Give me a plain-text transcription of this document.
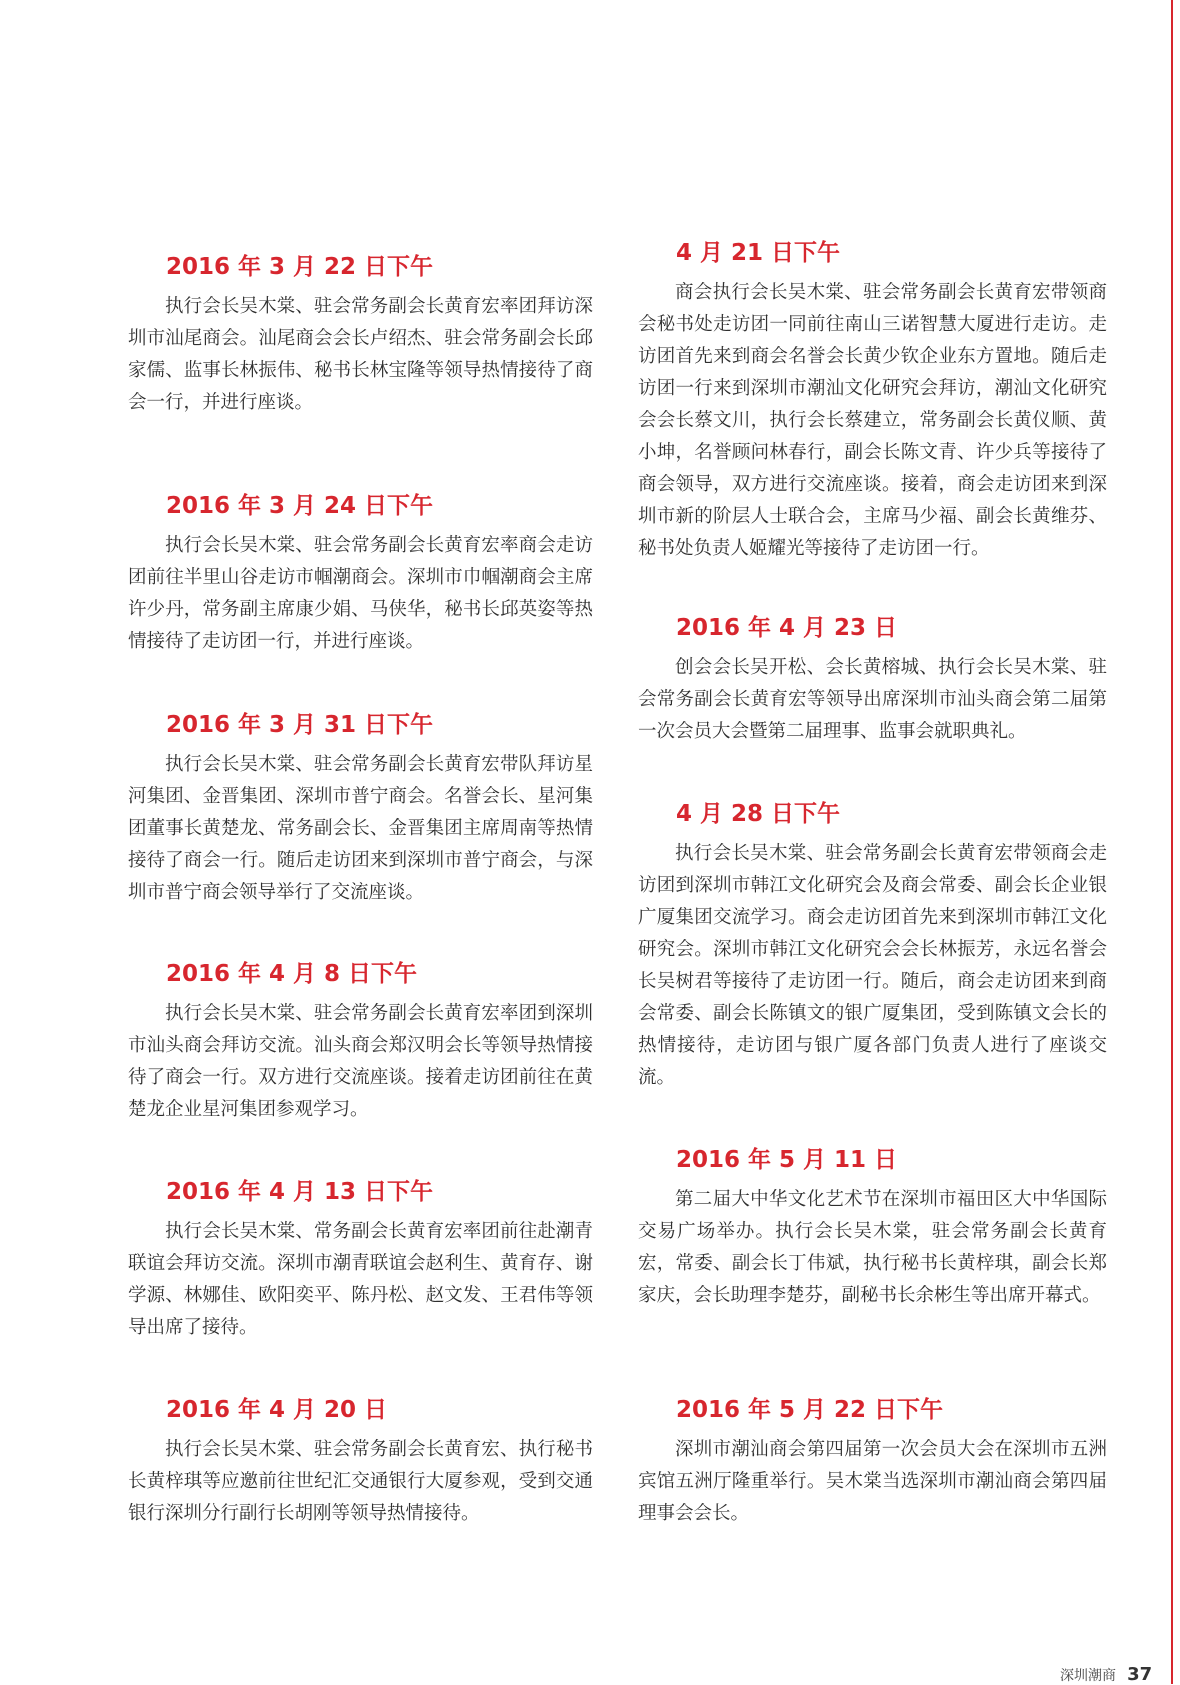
2016 年 3 月 22 日下午

执行会长吴木棠、驻会常务副会长黄育宏率团拜访深圳市汕尾商会。汕尾商会会长卢绍杰、驻会常务副会长邱家儒、监事长林振伟、秘书长林宝隆等领导热情接待了商会一行，并进行座谈。

2016 年 3 月 24 日下午

执行会长吴木棠、驻会常务副会长黄育宏率商会走访团前往半里山谷走访市帼潮商会。深圳市巾帼潮商会主席许少丹，常务副主席康少娟、马侠华，秘书长邱英姿等热情接待了走访团一行，并进行座谈。

2016 年 3 月 31 日下午

执行会长吴木棠、驻会常务副会长黄育宏带队拜访星河集团、金晋集团、深圳市普宁商会。名誉会长、星河集团董事长黄楚龙、常务副会长、金晋集团主席周南等热情接待了商会一行。随后走访团来到深圳市普宁商会，与深圳市普宁商会领导举行了交流座谈。

2016 年 4 月 8 日下午

执行会长吴木棠、驻会常务副会长黄育宏率团到深圳市汕头商会拜访交流。汕头商会郑汉明会长等领导热情接待了商会一行。双方进行交流座谈。接着走访团前往在黄楚龙企业星河集团参观学习。

2016 年 4 月 13 日下午

执行会长吴木棠、常务副会长黄育宏率团前往赴潮青联谊会拜访交流。深圳市潮青联谊会赵利生、黄育存、谢学源、林娜佳、欧阳奕平、陈丹松、赵文发、王君伟等领导出席了接待。

2016 年 4 月 20 日

执行会长吴木棠、驻会常务副会长黄育宏、执行秘书长黄梓琪等应邀前往世纪汇交通银行大厦参观，受到交通银行深圳分行副行长胡刚等领导热情接待。

4 月 21 日下午

商会执行会长吴木棠、驻会常务副会长黄育宏带领商会秘书处走访团一同前往南山三诺智慧大厦进行走访。走访团首先来到商会名誉会长黄少钦企业东方置地。随后走访团一行来到深圳市潮汕文化研究会拜访，潮汕文化研究会会长蔡文川，执行会长蔡建立，常务副会长黄仪顺、黄小坤，名誉顾问林春行，副会长陈文青、许少兵等接待了商会领导，双方进行交流座谈。接着，商会走访团来到深圳市新的阶层人士联合会，主席马少福、副会长黄维芬、秘书处负责人姬耀光等接待了走访团一行。

2016 年 4 月 23 日

创会会长吴开松、会长黄榕城、执行会长吴木棠、驻会常务副会长黄育宏等领导出席深圳市汕头商会第二届第一次会员大会暨第二届理事、监事会就职典礼。

4 月 28 日下午

执行会长吴木棠、驻会常务副会长黄育宏带领商会走访团到深圳市韩江文化研究会及商会常委、副会长企业银广厦集团交流学习。商会走访团首先来到深圳市韩江文化研究会。深圳市韩江文化研究会会长林振芳，永远名誉会长吴树君等接待了走访团一行。随后，商会走访团来到商会常委、副会长陈镇文的银广厦集团，受到陈镇文会长的热情接待，走访团与银广厦各部门负责人进行了座谈交流。

2016 年 5 月 11 日

第二届大中华文化艺术节在深圳市福田区大中华国际交易广场举办。执行会长吴木棠，驻会常务副会长黄育宏，常委、副会长丁伟斌，执行秘书长黄梓琪，副会长郑家庆，会长助理李楚芬，副秘书长余彬生等出席开幕式。

2016 年 5 月 22 日下午

深圳市潮汕商会第四届第一次会员大会在深圳市五洲宾馆五洲厅隆重举行。吴木棠当选深圳市潮汕商会第四届理事会会长。

深圳潮商 37
